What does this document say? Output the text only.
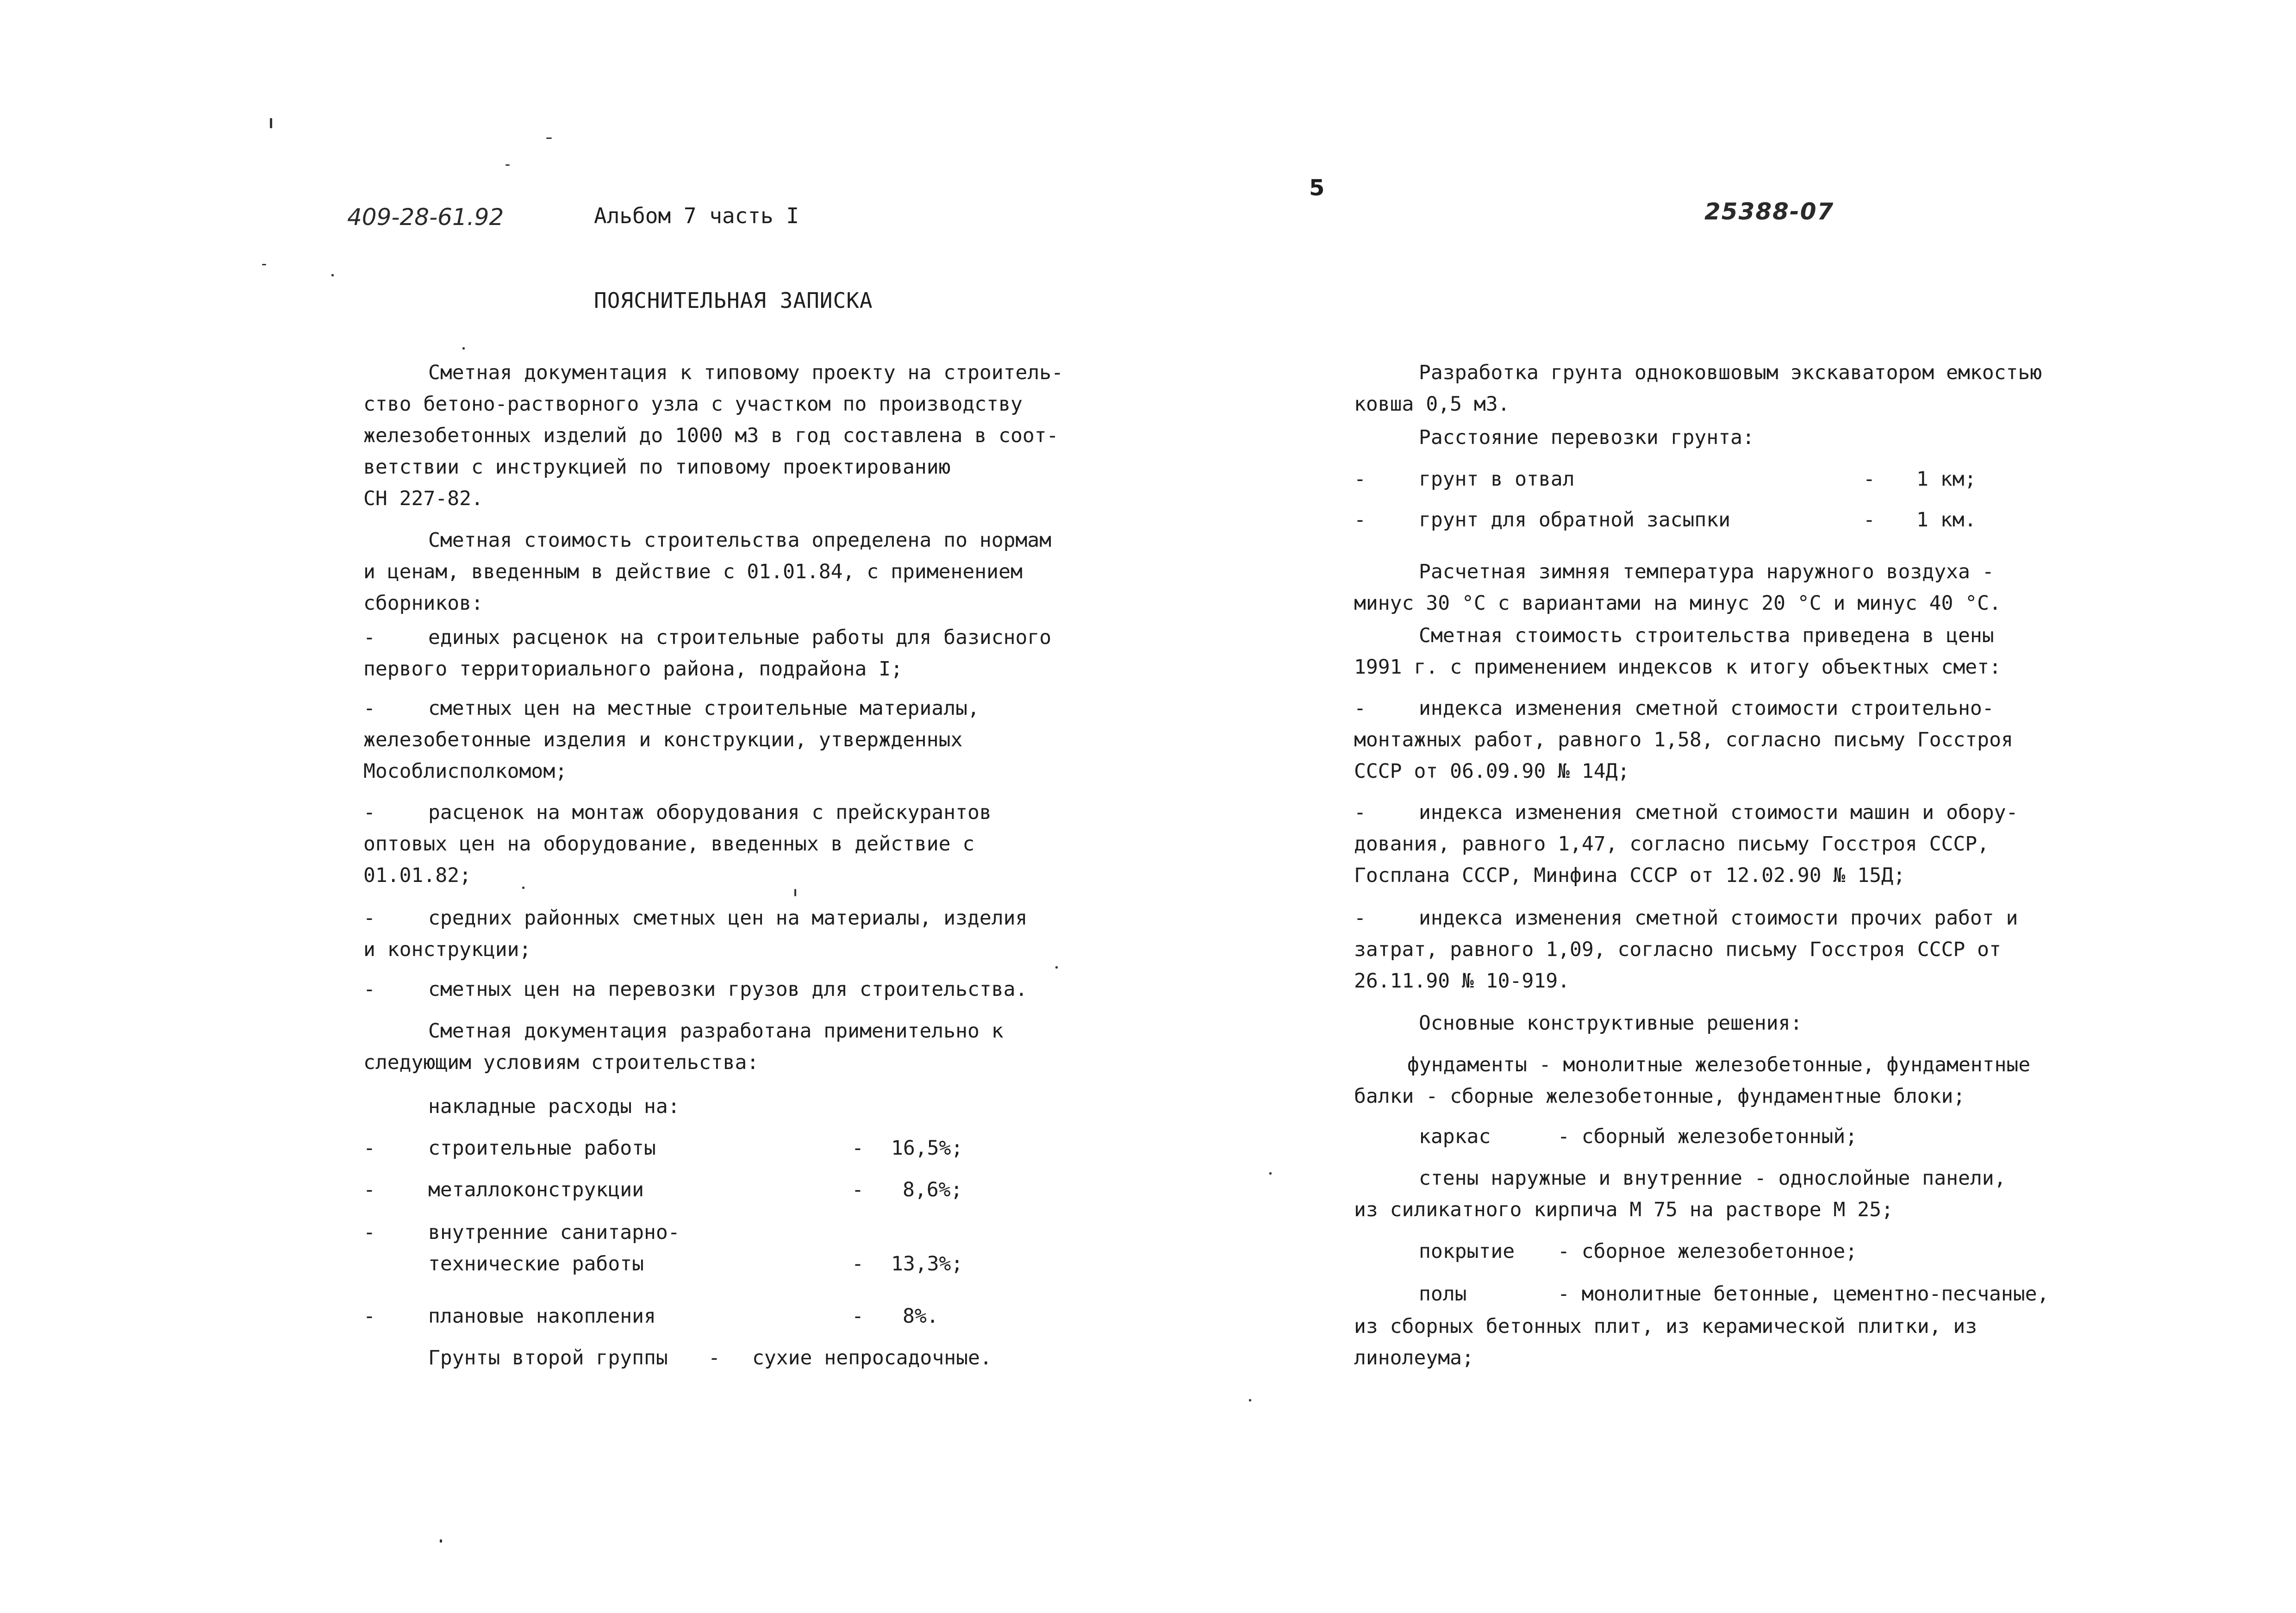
409-28-61.92	Альбом 7 часть I
5
25388-07
ПОЯСНИТЕЛЬНАЯ ЗАПИСКА
Сметная документация к типовому проекту на строитель-
ство бетоно-растворного узла с участком по производству
железобетонных изделий до 1000 м3 в год составлена в соот-
ветствии с инструкцией по типовому проектированию
СН 227-82.
Сметная стоимость строительства определена по нормам
и ценам, введенным в действие с 01.01.84, с применением
сборников:
-	единых расценок на строительные работы для базисного
первого территориального района, подрайона I;
-	сметных цен на местные строительные материалы,
железобетонные изделия и конструкции, утвержденных
Мособлисполкомом;
-	расценок на монтаж оборудования с прейскурантов
оптовых цен на оборудование, введенных в действие с
01.01.82;
-	средних районных сметных цен на материалы, изделия
и конструкции;
-	сметных цен на перевозки грузов для строительства.
Сметная документация разработана применительно к
следующим условиям строительства:
накладные расходы на:
-	строительные работы	- 16,5%;
-	металлоконструкции	- 8,6%;
-	внутренние санитарно-
технические работы	- 13,3%;
-	плановые накопления	- 8%.
Грунты второй группы - сухие непросадочные.
Разработка грунта одноковшовым экскаватором емкостью
ковша 0,5 м3.
Расстояние перевозки грунта:
-	грунт в отвал	- 1 км;
-	грунт для обратной засыпки	- 1 км.
Расчетная зимняя температура наружного воздуха -
минус 30 °С с вариантами на минус 20 °С и минус 40 °С.
Сметная стоимость строительства приведена в цены
1991 г. с применением индексов к итогу объектных смет:
-	индекса изменения сметной стоимости строительно-
монтажных работ, равного 1,58, согласно письму Госстроя
СССР от 06.09.90 № 14Д;
-	индекса изменения сметной стоимости машин и обору-
дования, равного 1,47, согласно письму Госстроя СССР,
Госплана СССР, Минфина СССР от 12.02.90 № 15Д;
-	индекса изменения сметной стоимости прочих работ и
затрат, равного 1,09, согласно письму Госстроя СССР от
26.11.90 № 10-919.
Основные конструктивные решения:
фундаменты - монолитные железобетонные, фундаментные
балки - сборные железобетонные, фундаментные блоки;
каркас	- сборный железобетонный;
стены наружные и внутренние - однослойные панели,
из силикатного кирпича М 75 на растворе М 25;
покрытие - сборное железобетонное;
полы	- монолитные бетонные, цементно-песчаные,
из сборных бетонных плит, из керамической плитки, из
линолеума;
